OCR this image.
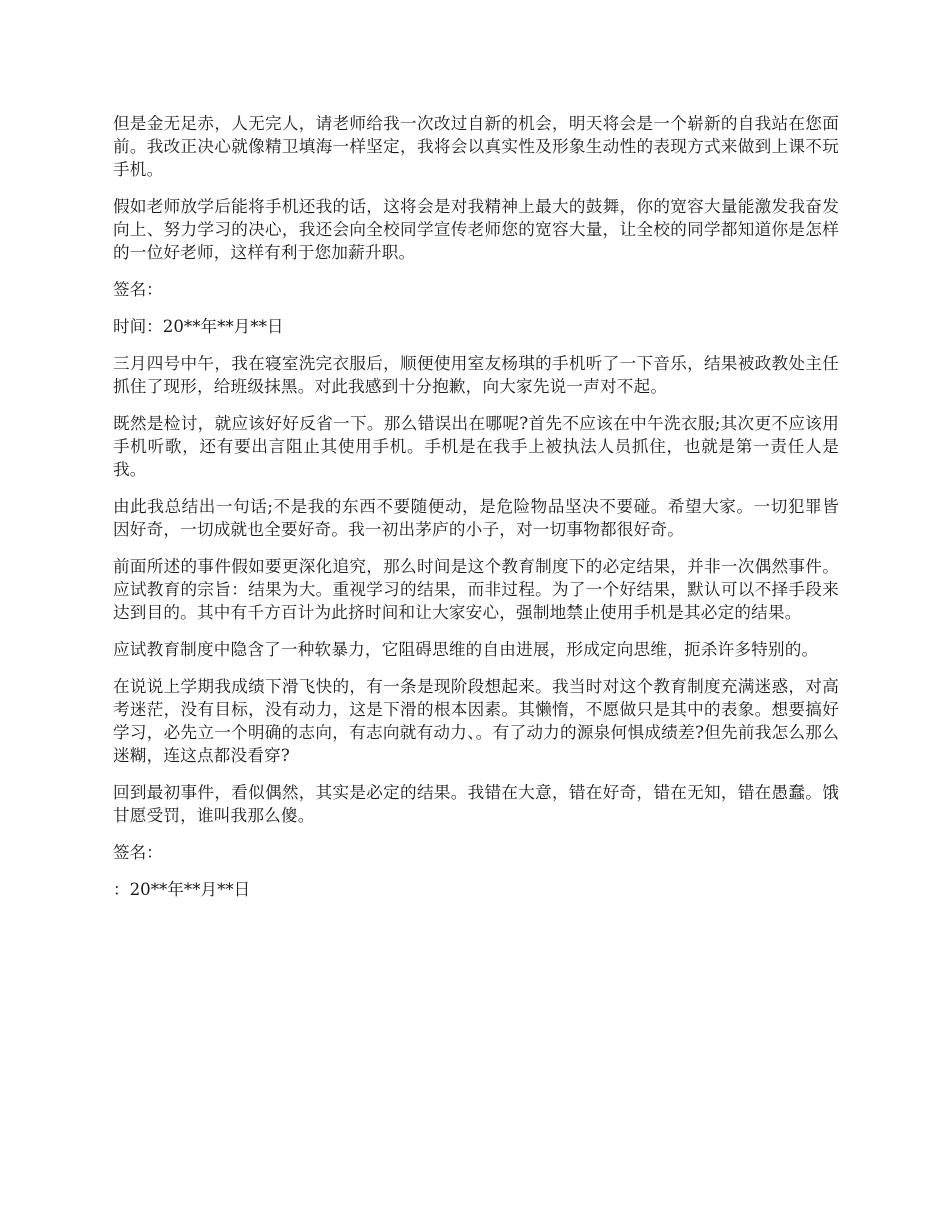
但是金无足赤，人无完人，请老师给我一次改过自新的机会，明天将会是一个崭新的自我站在您面前。我改正决心就像精卫填海一样坚定，我将会以真实性及形象生动性的表现方式来做到上课不玩手机。

假如老师放学后能将手机还我的话，这将会是对我精神上最大的鼓舞，你的宽容大量能激发我奋发向上、努力学习的决心，我还会向全校同学宣传老师您的宽容大量，让全校的同学都知道你是怎样的一位好老师，这样有利于您加薪升职。

签名：

时间：20**年**月**日

三月四号中午，我在寝室洗完衣服后，顺便使用室友杨琪的手机听了一下音乐，结果被政教处主任抓住了现形，给班级抹黑。对此我感到十分抱歉，向大家先说一声对不起。

既然是检讨，就应该好好反省一下。那么错误出在哪呢?首先不应该在中午洗衣服;其次更不应该用手机听歌，还有要出言阻止其使用手机。手机是在我手上被执法人员抓住，也就是第一责任人是我。

由此我总结出一句话;不是我的东西不要随便动，是危险物品坚决不要碰。希望大家。一切犯罪皆因好奇，一切成就也全要好奇。我一初出茅庐的小子，对一切事物都很好奇。

前面所述的事件假如要更深化追究，那么时间是这个教育制度下的必定结果，并非一次偶然事件。应试教育的宗旨：结果为大。重视学习的结果，而非过程。为了一个好结果，默认可以不择手段来达到目的。其中有千方百计为此挤时间和让大家安心，强制地禁止使用手机是其必定的结果。

应试教育制度中隐含了一种软暴力，它阻碍思维的自由进展，形成定向思维，扼杀许多特别的。

在说说上学期我成绩下滑飞快的，有一条是现阶段想起来。我当时对这个教育制度充满迷惑，对高考迷茫，没有目标，没有动力，这是下滑的根本因素。其懒惰，不愿做只是其中的表象。想要搞好学习，必先立一个明确的志向，有志向就有动力、。有了动力的源泉何惧成绩差?但先前我怎么那么迷糊，连这点都没看穿?

回到最初事件，看似偶然，其实是必定的结果。我错在大意，错在好奇，错在无知，错在愚蠢。饿甘愿受罚，谁叫我那么傻。

签名：

：20**年**月**日
